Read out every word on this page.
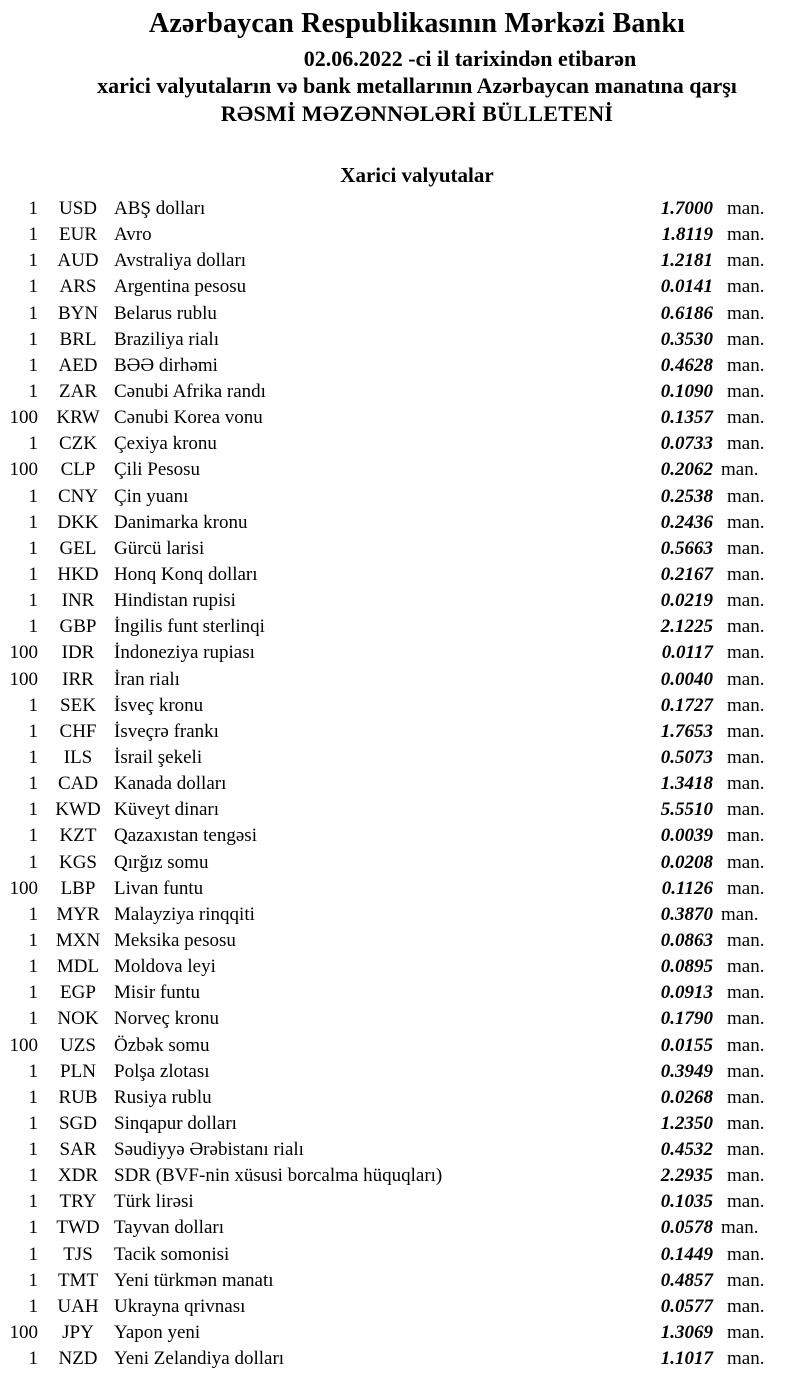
Azərbaycan Respublikasının Mərkəzi Bankı
02.06.2022 -ci il tarixindən etibarən
xarici valyutaların və bank metallarının Azərbaycan manatına qarşı
RƏSMİ MƏZƏNNƏLƏRİ BÜLLETENİ
Xarici valyutalar
1	USD ABŞ dolları	1.7000 man.
1	EUR Avro	1.8119 man.
1	AUD Avstraliya dolları	1.2181 man.
1	ARS Argentina pesosu	0.0141 man.
1	BYN Belarus rublu	0.6186 man.
1	BRL Braziliya rialı	0.3530 man.
1	AED BƏƏ dirhəmi	0.4628 man.
1	ZAR Cənubi Afrika randı	0.1090 man.
100 KRW Cənubi Korea vonu	0.1357 man.
1	CZK Çexiya kronu	0.0733 man.
100	CLP Çili Pesosu	0.2062 man.
1	CNY Çin yuanı	0.2538 man.
1	DKK Danimarka kronu	0.2436 man.
1	GEL Gürcü larisi	0.5663 man.
1	HKD Honq Konq dolları	0.2167 man.
1	INR	Hindistan rupisi	0.0219 man.
1	GBP İngilis funt sterlinqi	2.1225 man.
100	IDR	İndoneziya rupiası	0.0117 man.
100	IRR	İran rialı	0.0040 man.
1	SEK İsveç kronu	0.1727 man.
1	CHF İsveçrə frankı	1.7653 man.
1	ILS	İsrail şekeli	0.5073 man.
1	CAD Kanada dolları	1.3418 man.
1 KWD Küveyt dinarı	5.5510 man.
1	KZT Qazaxıstan tengəsi	0.0039 man.
1	KGS Qırğız somu	0.0208 man.
100	LBP Livan funtu	0.1126 man.
1 MYR Malayziya rinqqiti	0.3870 man.
1 MXN Meksika pesosu	0.0863 man.
1 MDL Moldova leyi	0.0895 man.
1	EGP Misir funtu	0.0913 man.
1	NOK Norveç kronu	0.1790 man.
100	UZS Özbək somu	0.0155 man.
1	PLN Polşa zlotası	0.3949 man.
1	RUB Rusiya rublu	0.0268 man.
1	SGD Sinqapur dolları	1.2350 man.
1	SAR Səudiyyə Ərəbistanı rialı	0.4532 man.
1	XDR SDR (BVF-nin xüsusi borcalma hüquqları)	2.2935 man.
1	TRY Türk lirəsi	0.1035 man.
1 TWD Tayvan dolları	0.0578 man.
1	TJS	Tacik somonisi	0.1449 man.
1	TMT Yeni türkmən manatı	0.4857 man.
1	UAH Ukrayna qrivnası	0.0577 man.
100	JPY	Yapon yeni	1.3069 man.
1	NZD Yeni Zelandiya dolları	1.1017 man.
